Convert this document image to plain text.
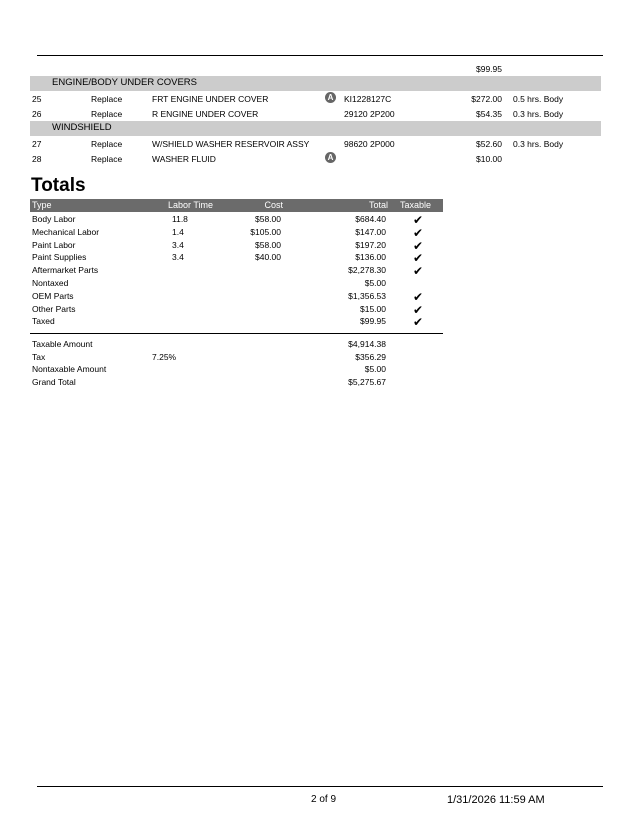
$99.95
ENGINE/BODY UNDER COVERS
25	Replace	FRT ENGINE UNDER COVER	A	KI1228127C	$272.00 0.5 hrs. Body
26	Replace	R ENGINE UNDER COVER	29120 2P200	$54.35 0.3 hrs. Body
WINDSHIELD
27	Replace	W/SHIELD WASHER RESERVOIR ASSY	98620 2P000	$52.60 0.3 hrs. Body
28	Replace	WASHER FLUID	A	$10.00
Totals
Type	Labor Time	Cost	Total Taxable
Body Labor	11.8	$58.00	$684.40 ✔
Mechanical Labor	1.4	$105.00	$147.00 ✔
Paint Labor	3.4	$58.00	$197.20 ✔
Paint Supplies	3.4	$40.00	$136.00 ✔
Aftermarket Parts	$2,278.30 ✔
Nontaxed	$5.00
OEM Parts	$1,356.53 ✔
Other Parts	$15.00 ✔
Taxed	$99.95 ✔
Taxable Amount	$4,914.38
Tax	7.25%	$356.29
Nontaxable Amount	$5.00
Grand Total	$5,275.67
2 of 9	1/31/2026 11:59 AM
